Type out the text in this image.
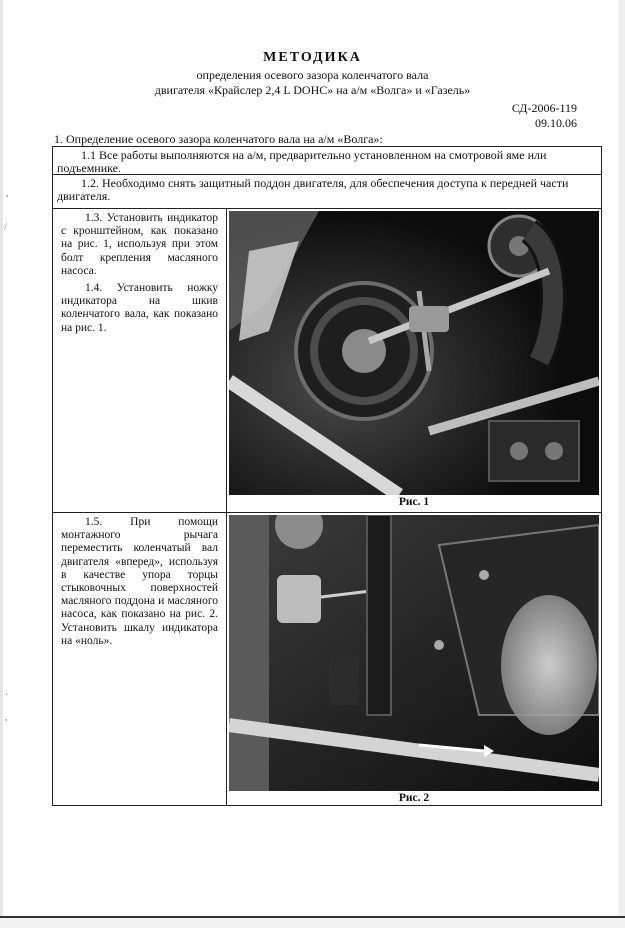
,
/
·
,
МЕТОДИКА
определения осевого зазора коленчатого вала
двигателя «Крайслер 2,4 L DOHC» на а/м «Волга» и «Газель»
СД-2006-119
09.10.06
1. Определение осевого зазора коленчатого вала на а/м «Волга»:

1.1 Все работы выполняются на а/м, предварительно установленном на смотровой яме или подъемнике.

1.2. Необходимо снять защитный поддон двигателя, для обеспечения доступа к передней части двигателя.

1.3. Установить индикатор с кронштейном, как показано на рис. 1, используя при этом болт крепления масляного насоса.

1.4. Установить ножку индикатора на шкив коленчатого вала, как показано на рис. 1.

Рис. 1

1.5. При помощи монтажного рычага переместить коленчатый вал двигателя «вперед», используя в качестве упора торцы стыковочных поверхностей масляного поддона и масляного насоса, как показано на рис. 2. Установить шкалу индикатора на «ноль».

Рис. 2
